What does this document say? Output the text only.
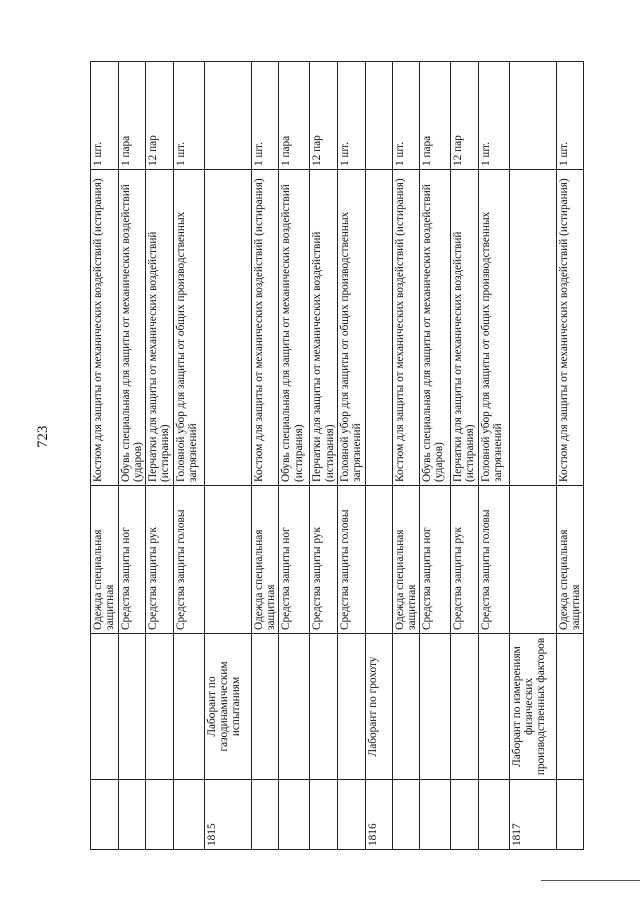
723
		Одежда специальная защитная	Костюм для защиты от механических воздействий (истирания)	1 шт.
		Средства защиты ног	Обувь специальная для защиты от механических воздействий (ударов)	1 пара
		Средства защиты рук	Перчатки для защиты от механических воздействий (истирания)	12 пар
		Средства защиты головы	Головной убор для защиты от общих производственных загрязнений	1 шт.
1815	Лаборант по газодинамическим испытаниям			
		Одежда специальная защитная	Костюм для защиты от механических воздействий (истирания)	1 шт.
		Средства защиты ног	Обувь специальная для защиты от механических воздействий (истирания)	1 пара
		Средства защиты рук	Перчатки для защиты от механических воздействий (истирания)	12 пар
		Средства защиты головы	Головной убор для защиты от общих производственных загрязнений	1 шт.
1816	Лаборант по грохоту			
		Одежда специальная защитная	Костюм для защиты от механических воздействий (истирания)	1 шт.
		Средства защиты ног	Обувь специальная для защиты от механических воздействий (ударов)	1 пара
		Средства защиты рук	Перчатки для защиты от механических воздействий (истирания)	12 пар
		Средства защиты головы	Головной убор для защиты от общих производственных загрязнений	1 шт.
1817	Лаборант по измерениям физических производственных факторов			
		Одежда специальная защитная	Костюм для защиты от механических воздействий (истирания)	1 шт.
